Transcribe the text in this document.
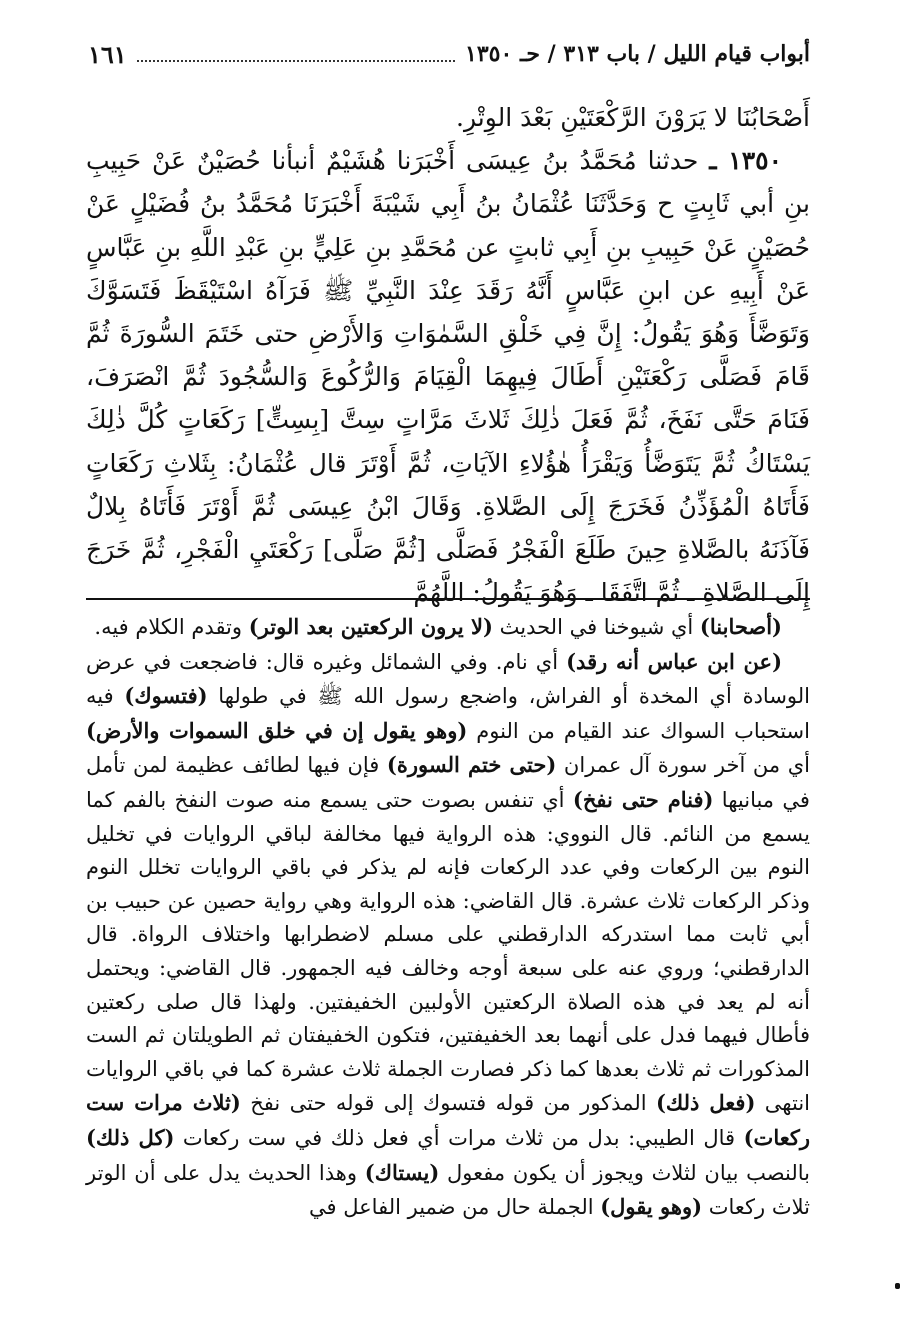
أبواب قيام الليل / باب ٣١٣ / حـ ١٣٥٠
١٦١

أَصْحَابُنَا لا يَرَوْنَ الرَّكْعَتَيْنِ بَعْدَ الوِتْرِ.

١٣٥٠ ـ حدثنا مُحَمَّدُ بنُ عِيسَى أَخْبَرَنا هُشَيْمٌ أنبأنا حُصَيْنٌ عَنْ حَبِيبِ بنِ أبي ثَابِتٍ ح وَحَدَّثَنَا عُثْمَانُ بنُ أَبِي شَيْبَةَ أَخْبَرَنَا مُحَمَّدُ بنُ فُضَيْلٍ عَنْ حُصَيْنٍ عَنْ حَبِيبِ بنِ أَبِي ثابتٍ عن مُحَمَّدِ بنِ عَلِيٍّ بنِ عَبْدِ اللَّهِ بنِ عَبَّاسٍ عَنْ أَبِيهِ عن ابنِ عَبَّاسٍ أَنَّهُ رَقَدَ عِنْدَ النَّبِيِّ ﷺ فَرَآهُ اسْتَيْقَظَ فَتَسَوَّكَ وَتَوَضَّأَ وَهُوَ يَقُولُ: إِنَّ فِي خَلْقِ السَّمٰوَاتِ وَالأَرْضِ حتى خَتَمَ السُّورَةَ ثُمَّ قَامَ فَصَلَّى رَكْعَتَيْنِ أَطَالَ فِيهِمَا الْقِيَامَ وَالرُّكُوعَ وَالسُّجُودَ ثُمَّ انْصَرَفَ، فَنَامَ حَتَّى نَفَخَ، ثُمَّ فَعَلَ ذٰلِكَ ثَلاثَ مَرَّاتٍ سِتَّ [بِسِتٍّ] رَكَعَاتٍ كُلَّ ذٰلِكَ يَسْتَاكُ ثُمَّ يَتَوَضَّأُ وَيَقْرَأُ هٰؤُلاءِ الآيَاتِ، ثُمَّ أَوْتَرَ قال عُثْمَانُ: بِثَلاثِ رَكَعَاتٍ فَأَتَاهُ الْمُؤَذِّنُ فَخَرَجَ إِلَى الصَّلاةِ. وَقَالَ ابْنُ عِيسَى ثُمَّ أَوْتَرَ فَأَتَاهُ بِلالٌ فَآذَنَهُ بالصَّلاةِ حِينَ طَلَعَ الْفَجْرُ فَصَلَّى [ثُمَّ صَلَّى] رَكْعَتَيِ الْفَجْرِ، ثُمَّ خَرَجَ إِلَى الصَّلاةِ ـ ثُمَّ اتَّفَقَا ـ وَهُوَ يَقُولُ: اللَّهُمَّ

(أصحابنا) أي شيوخنا في الحديث (لا يرون الركعتين بعد الوتر) وتقدم الكلام فيه.

(عن ابن عباس أنه رقد) أي نام. وفي الشمائل وغيره قال: فاضجعت في عرض الوسادة أي المخدة أو الفراش، واضجع رسول الله ﷺ في طولها (فتسوك) فيه استحباب السواك عند القيام من النوم (وهو يقول إن في خلق السموات والأرض) أي من آخر سورة آل عمران (حتى ختم السورة) فإن فيها لطائف عظيمة لمن تأمل في مبانيها (فنام حتى نفخ) أي تنفس بصوت حتى يسمع منه صوت النفخ بالفم كما يسمع من النائم. قال النووي: هذه الرواية فيها مخالفة لباقي الروايات في تخليل النوم بين الركعات وفي عدد الركعات فإنه لم يذكر في باقي الروايات تخلل النوم وذكر الركعات ثلاث عشرة. قال القاضي: هذه الرواية وهي رواية حصين عن حبيب بن أبي ثابت مما استدركه الدارقطني على مسلم لاضطرابها واختلاف الرواة. قال الدارقطني؛ وروي عنه على سبعة أوجه وخالف فيه الجمهور. قال القاضي: ويحتمل أنه لم يعد في هذه الصلاة الركعتين الأولبين الخفيفتين. ولهذا قال صلى ركعتين فأطال فيهما فدل على أنهما بعد الخفيفتين، فتكون الخفيفتان ثم الطويلتان ثم الست المذكورات ثم ثلاث بعدها كما ذكر فصارت الجملة ثلاث عشرة كما في باقي الروايات انتهى (فعل ذلك) المذكور من قوله فتسوك إلى قوله حتى نفخ (ثلاث مرات ست ركعات) قال الطيبي: بدل من ثلاث مرات أي فعل ذلك في ست ركعات (كل ذلك) بالنصب بيان لثلاث ويجوز أن يكون مفعول (يستاك) وهذا الحديث يدل على أن الوتر ثلاث ركعات (وهو يقول) الجملة حال من ضمير الفاعل في
